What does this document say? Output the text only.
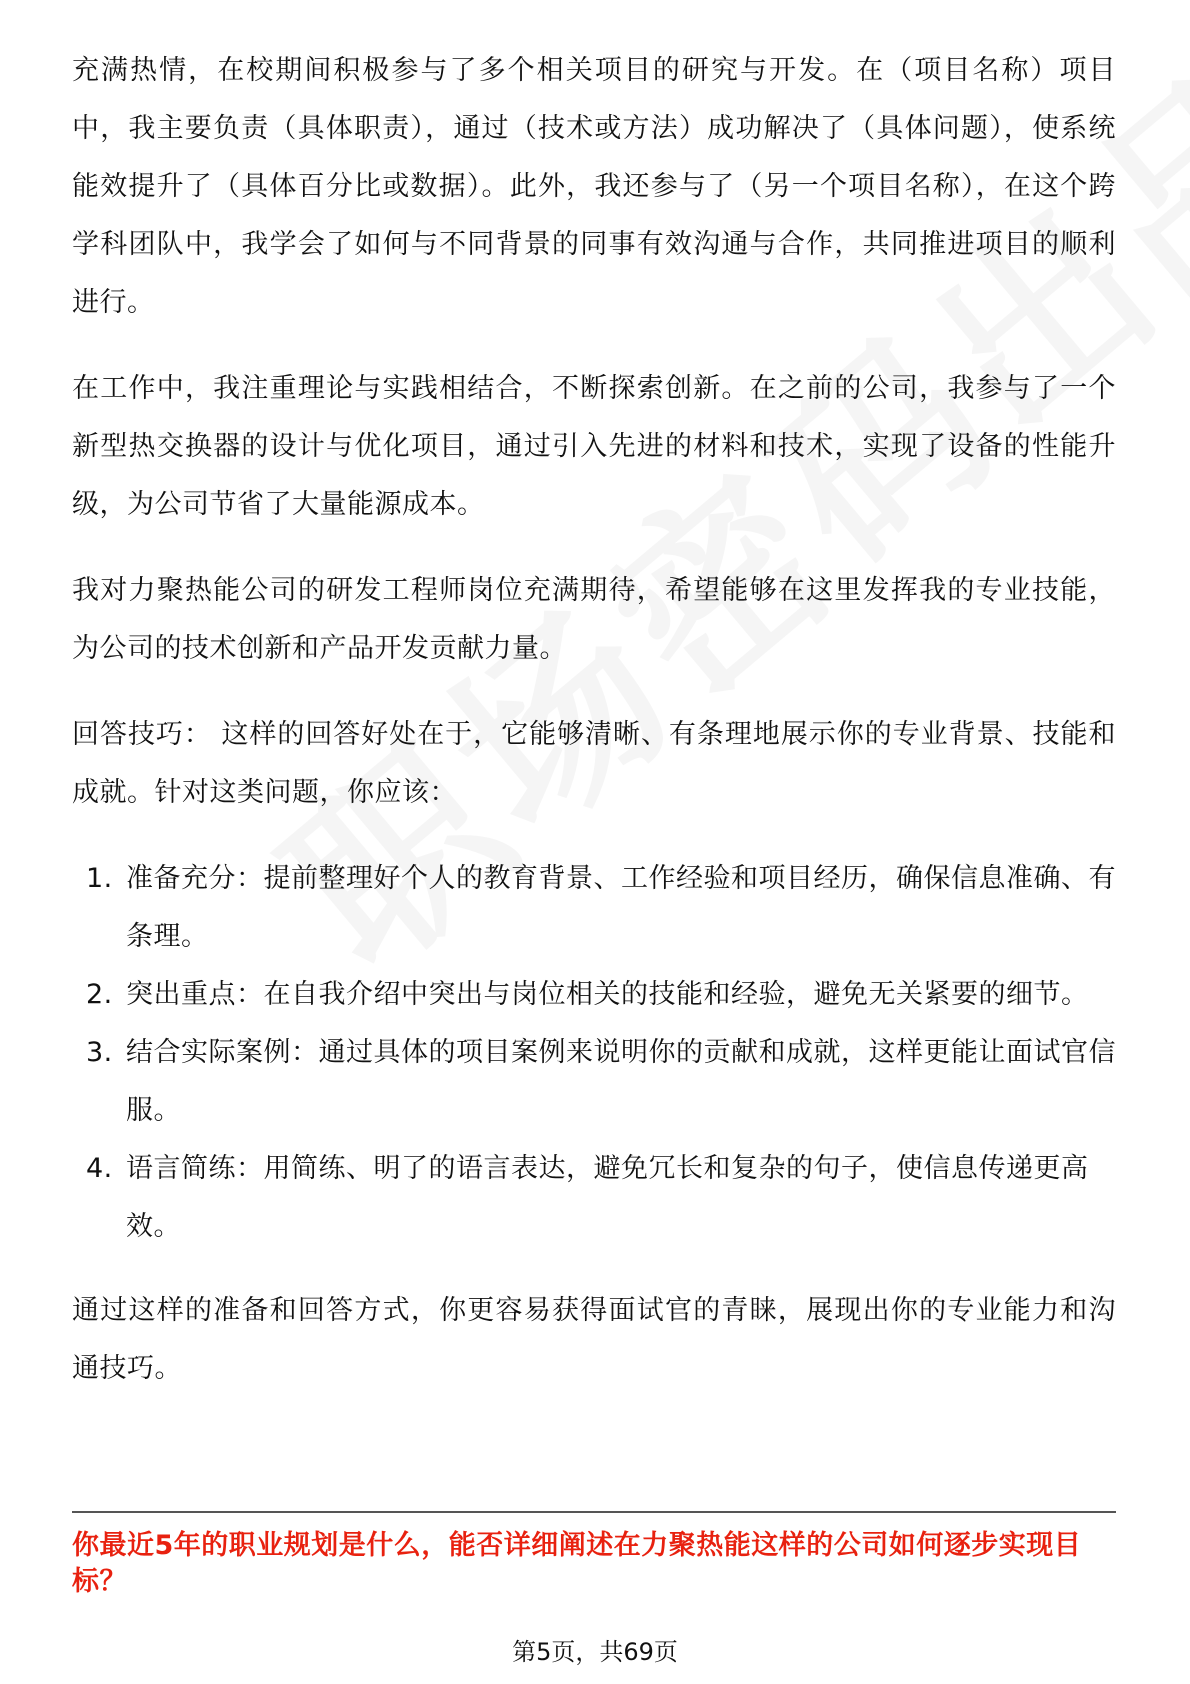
充满热情，在校期间积极参与了多个相关项目的研究与开发。在（项目名称）项目中，我主要负责（具体职责），通过（技术或方法）成功解决了（具体问题），使系统能效提升了（具体百分比或数据）。此外，我还参与了（另一个项目名称），在这个跨学科团队中，我学会了如何与不同背景的同事有效沟通与合作，共同推进项目的顺利进行。

在工作中，我注重理论与实践相结合，不断探索创新。在之前的公司，我参与了一个新型热交换器的设计与优化项目，通过引入先进的材料和技术，实现了设备的性能升级，为公司节省了大量能源成本。

我对力聚热能公司的研发工程师岗位充满期待，希望能够在这里发挥我的专业技能，为公司的技术创新和产品开发贡献力量。

回答技巧： 这样的回答好处在于，它能够清晰、有条理地展示你的专业背景、技能和成就。针对这类问题，你应该：

1. 准备充分：提前整理好个人的教育背景、工作经验和项目经历，确保信息准确、有条理。
2. 突出重点：在自我介绍中突出与岗位相关的技能和经验，避免无关紧要的细节。
3. 结合实际案例：通过具体的项目案例来说明你的贡献和成就，这样更能让面试官信服。
4. 语言简练：用简练、明了的语言表达，避免冗长和复杂的句子，使信息传递更高效。

通过这样的准备和回答方式，你更容易获得面试官的青睐，展现出你的专业能力和沟通技巧。

你最近5年的职业规划是什么，能否详细阐述在力聚热能这样的公司如何逐步实现目标？
第5页，共69页
